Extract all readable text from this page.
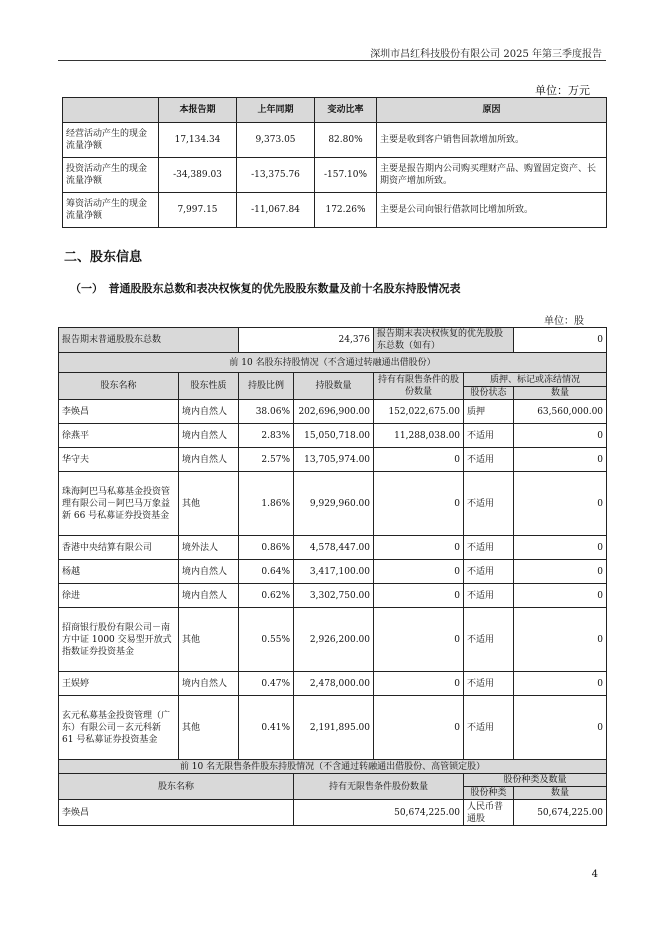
深圳市昌红科技股份有限公司 2025 年第三季度报告
单位：万元
	本报告期	上年同期	变动比率	原因
经营活动产生的现金流量净额	17,134.34	9,373.05	82.80%	主要是收到客户销售回款增加所致。
投资活动产生的现金流量净额	-34,389.03	-13,375.76	-157.10%	主要是报告期内公司购买理财产品、购置固定资产、长期资产增加所致。
筹资活动产生的现金流量净额	7,997.15	-11,067.84	172.26%	主要是公司向银行借款同比增加所致。
二、股东信息
（一）　普通股股东总数和表决权恢复的优先股股东数量及前十名股东持股情况表
单位：股
报告期末普通股股东总数		24,376		报告期末表决权恢复的优先股股东总数（如有）		0
前 10 名股东持股情况（不含通过转融通出借股份）						
股东名称	股东性质	持股比例	持股数量	持有有限售条件的股份数量	质押、标记或冻结情况	
					股份状态	数量
李焕昌	境内自然人	38.06%	202,696,900.00	152,022,675.00	质押	63,560,000.00
徐燕平	境内自然人	2.83%	15,050,718.00	11,288,038.00	不适用	0
华守夫	境内自然人	2.57%	13,705,974.00	0	不适用	0
珠海阿巴马私募基金投资管理有限公司－阿巴马万象益新 66 号私募证券投资基金	其他	1.86%	9,929,960.00	0	不适用	0
香港中央结算有限公司	境外法人	0.86%	4,578,447.00	0	不适用	0
杨越	境内自然人	0.64%	3,417,100.00	0	不适用	0
徐进	境内自然人	0.62%	3,302,750.00	0	不适用	0
招商银行股份有限公司－南方中证 1000 交易型开放式指数证券投资基金	其他	0.55%	2,926,200.00	0	不适用	0
王娱婷	境内自然人	0.47%	2,478,000.00	0	不适用	0
玄元私募基金投资管理（广东）有限公司－玄元科新 61 号私募证券投资基金	其他	0.41%	2,191,895.00	0	不适用	0
前 10 名无限售条件股东持股情况（不含通过转融通出借股份、高管锁定股）						
股东名称			持有无限售条件股份数量		股份种类及数量	
					股份种类	数量
李焕昌			50,674,225.00		人民币普通股	50,674,225.00
4
